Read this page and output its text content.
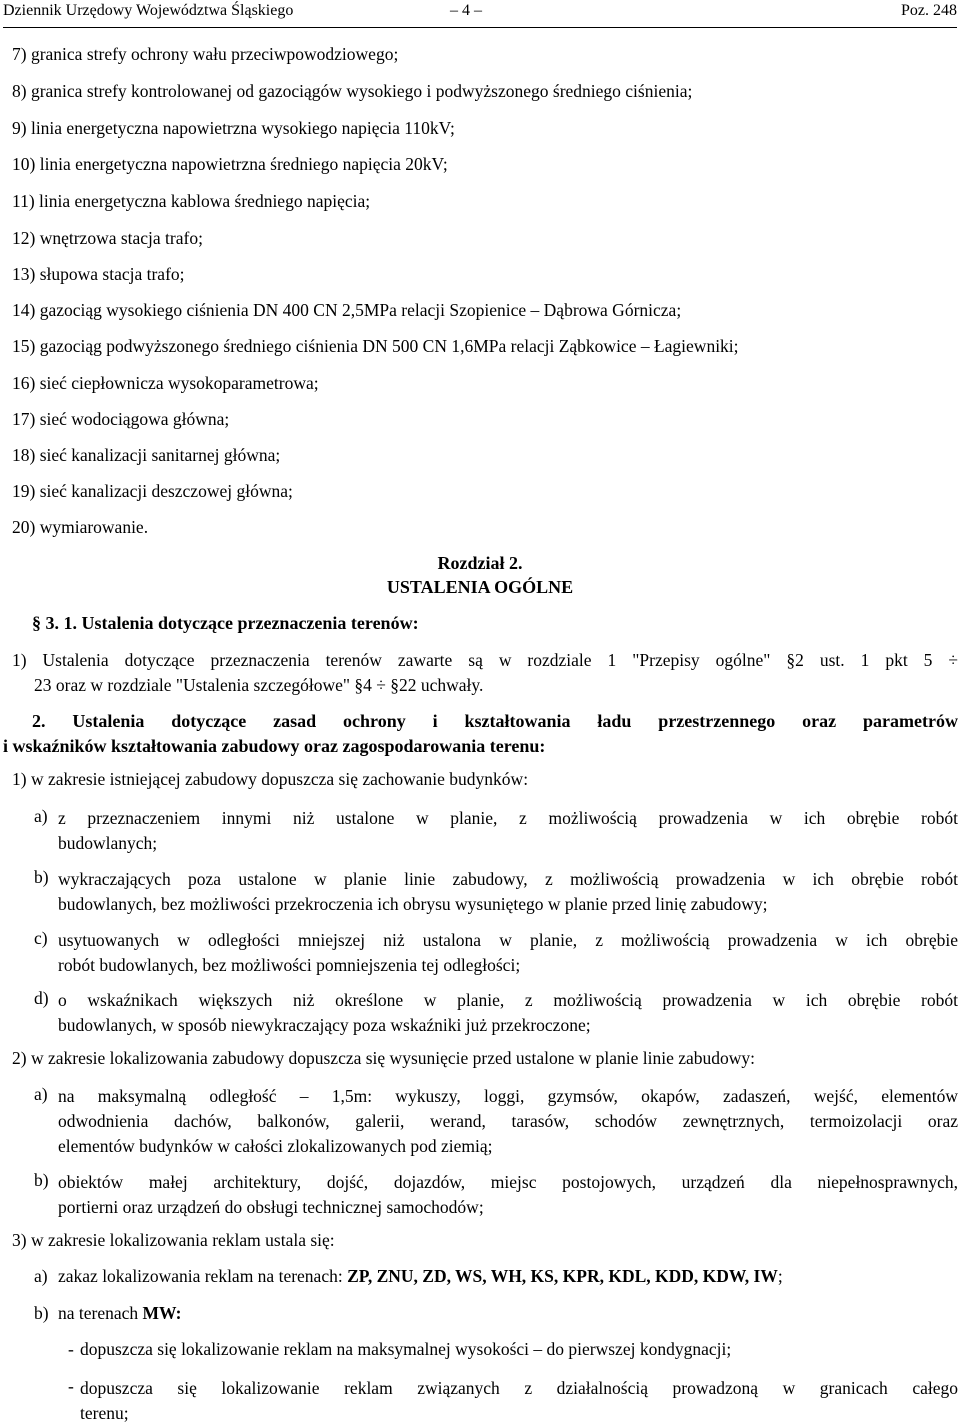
Dziennik Urzędowy Województwa Śląskiego	– 4 –	Poz. 248
7) granica strefy ochrony wału przeciwpowodziowego;
8) granica strefy kontrolowanej od gazociągów wysokiego i podwyższonego średniego ciśnienia;
9) linia energetyczna napowietrzna wysokiego napięcia 110kV;
10) linia energetyczna napowietrzna średniego napięcia 20kV;
11) linia energetyczna kablowa średniego napięcia;
12) wnętrzowa stacja trafo;
13) słupowa stacja trafo;
14) gazociąg wysokiego ciśnienia DN 400 CN 2,5MPa relacji Szopienice – Dąbrowa Górnicza;
15) gazociąg podwyższonego średniego ciśnienia DN 500 CN 1,6MPa relacji Ząbkowice – Łagiewniki;
16) sieć ciepłownicza wysokoparametrowa;
17) sieć wodociągowa główna;
18) sieć kanalizacji sanitarnej główna;
19) sieć kanalizacji deszczowej główna;
20) wymiarowanie.
Rozdział 2.
USTALENIA OGÓLNE
§ 3. 1. Ustalenia dotyczące przeznaczenia terenów:
1) Ustalenia dotyczące przeznaczenia terenów zawarte są w rozdziale 1 "Przepisy ogólne" §2 ust. 1 pkt 5 ÷
23 oraz w rozdziale "Ustalenia szczegółowe" §4 ÷ §22 uchwały.
2. Ustalenia dotyczące zasad ochrony i kształtowania ładu przestrzennego oraz parametrów
i wskaźników kształtowania zabudowy oraz zagospodarowania terenu:
1) w zakresie istniejącej zabudowy dopuszcza się zachowanie budynków:
a) z przeznaczeniem innymi niż ustalone w planie, z możliwością prowadzenia w ich obrębie robót
budowlanych;
b) wykraczających poza ustalone w planie linie zabudowy, z możliwością prowadzenia w ich obrębie robót
budowlanych, bez możliwości przekroczenia ich obrysu wysuniętego w planie przed linię zabudowy;
c) usytuowanych w odległości mniejszej niż ustalona w planie, z możliwością prowadzenia w ich obrębie
robót budowlanych, bez możliwości pomniejszenia tej odległości;
d) o wskaźnikach większych niż określone w planie, z możliwością prowadzenia w ich obrębie robót
budowlanych, w sposób niewykraczający poza wskaźniki już przekroczone;
2) w zakresie lokalizowania zabudowy dopuszcza się wysunięcie przed ustalone w planie linie zabudowy:
a) na maksymalną odległość – 1,5m: wykuszy, loggi, gzymsów, okapów, zadaszeń, wejść, elementów
odwodnienia dachów, balkonów, galerii, werand, tarasów, schodów zewnętrznych, termoizolacji oraz
elementów budynków w całości zlokalizowanych pod ziemią;
b) obiektów małej architektury, dojść, dojazdów, miejsc postojowych, urządzeń dla niepełnosprawnych,
portierni oraz urządzeń do obsługi technicznej samochodów;
3) w zakresie lokalizowania reklam ustala się:
a) zakaz lokalizowania reklam na terenach: ZP, ZNU, ZD, WS, WH, KS, KPR, KDL, KDD, KDW, IW;
b) na terenach MW:
- dopuszcza się lokalizowanie reklam na maksymalnej wysokości – do pierwszej kondygnacji;
- dopuszcza się lokalizowanie reklam związanych z działalnością prowadzoną w granicach całego
terenu;
